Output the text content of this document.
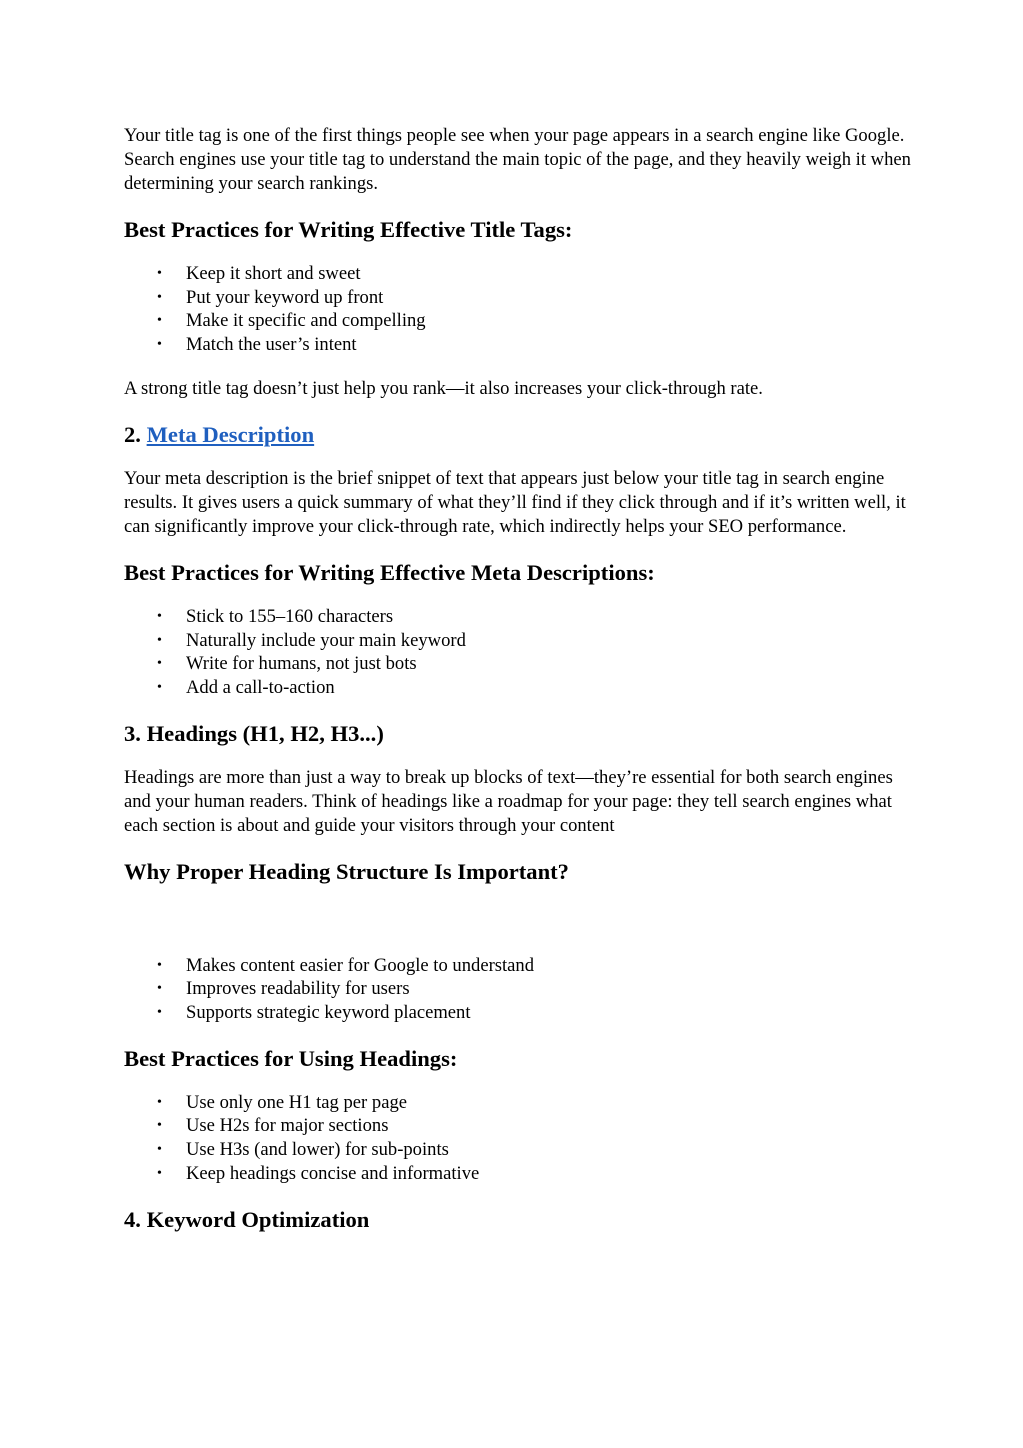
Your title tag is one of the first things people see when your page appears in a search engine like Google. Search engines use your title tag to understand the main topic of the page, and they heavily weigh it when determining your search rankings.

Best Practices for Writing Effective Title Tags:
• Keep it short and sweet
• Put your keyword up front
• Make it specific and compelling
• Match the user’s intent

A strong title tag doesn’t just help you rank—it also increases your click-through rate.

2. Meta Description

Your meta description is the brief snippet of text that appears just below your title tag in search engine results. It gives users a quick summary of what they’ll find if they click through and if it’s written well, it can significantly improve your click-through rate, which indirectly helps your SEO performance.

Best Practices for Writing Effective Meta Descriptions:
• Stick to 155–160 characters
• Naturally include your main keyword
• Write for humans, not just bots
• Add a call-to-action
3. Headings (H1, H2, H3...)

Headings are more than just a way to break up blocks of text—they’re essential for both search engines and your human readers. Think of headings like a roadmap for your page: they tell search engines what each section is about and guide your visitors through your content

Why Proper Heading Structure Is Important?
• Makes content easier for Google to understand
• Improves readability for users
• Supports strategic keyword placement
Best Practices for Using Headings:
• Use only one H1 tag per page
• Use H2s for major sections
• Use H3s (and lower) for sub-points
• Keep headings concise and informative
4. Keyword Optimization
